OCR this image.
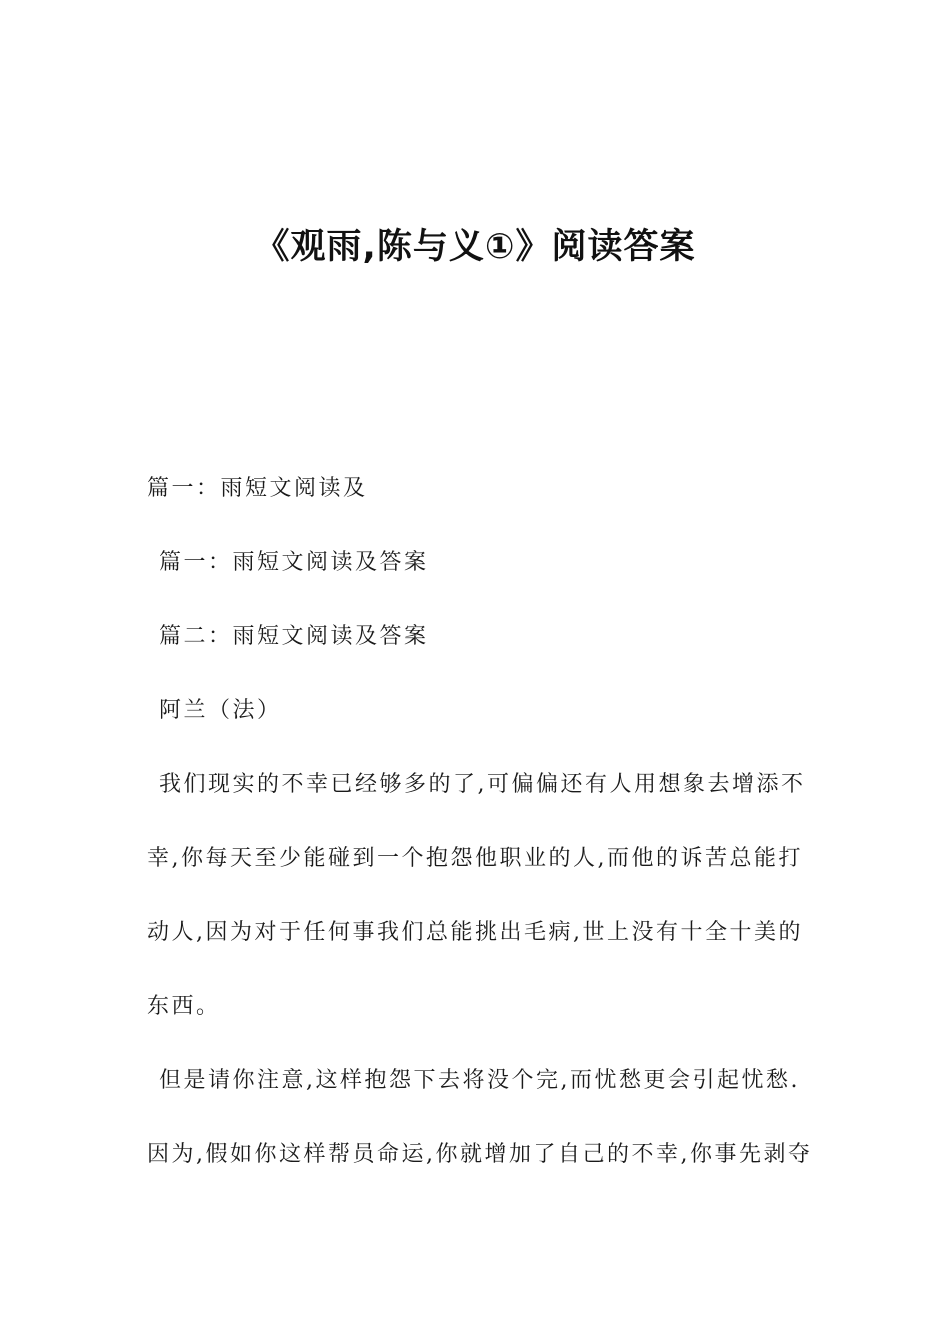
《观雨,陈与义①》阅读答案

篇一：雨短文阅读及

篇一：雨短文阅读及答案

篇二：雨短文阅读及答案

阿兰（法）

我们现实的不幸已经够多的了,可偏偏还有人用想象去增添不

幸,你每天至少能碰到一个抱怨他职业的人,而他的诉苦总能打

动人,因为对于任何事我们总能挑出毛病,世上没有十全十美的

东西。

但是请你注意,这样抱怨下去将没个完,而忧愁更会引起忧愁.

因为,假如你这样帮员命运,你就增加了自己的不幸,你事先剥夺
